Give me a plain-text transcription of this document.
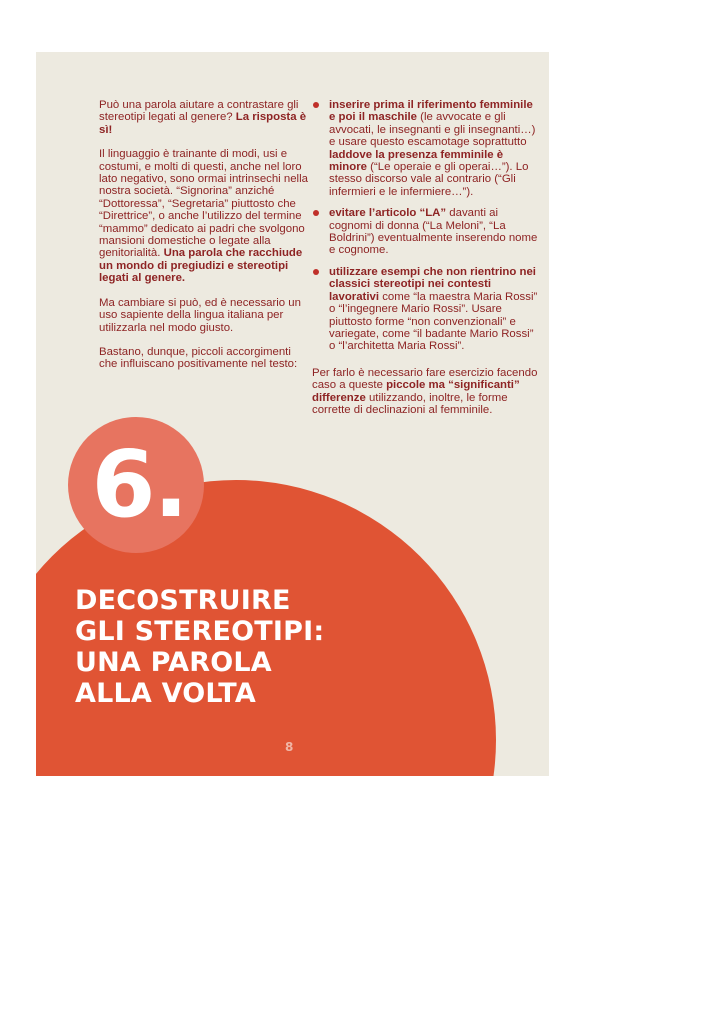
6.

Può una parola aiutare a contrastare gli stereotipi legati al genere? La risposta è sì!

Il linguaggio è trainante di modi, usi e costumi, e molti di questi, anche nel loro lato negativo, sono ormai intrinsechi nella nostra società. “Signorina” anziché “Dottoressa”, “Segretaria” piuttosto che “Direttrice”, o anche l’utilizzo del termine “mammo” dedicato ai padri che svolgono mansioni domestiche o legate alla genitorialità. Una parola che racchiude un mondo di pregiudizi e stereotipi legati al genere.

Ma cambiare si può, ed è necessario un uso sapiente della lingua italiana per utilizzarla nel modo giusto.

Bastano, dunque, piccoli accorgimenti che influiscano positivamente nel testo:

inserire prima il riferimento femminile e poi il maschile (le avvocate e gli avvocati, le insegnanti e gli insegnanti…) e usare questo escamotage soprattutto laddove la presenza femminile è minore (“Le operaie e gli operai…”). Lo stesso discorso vale al contrario (“Gli infermieri e le infermiere…”).
evitare l’articolo “LA” davanti ai cognomi di donna (“La Meloni”, “La Boldrini”) eventualmente inserendo nome e cognome.
utilizzare esempi che non rientrino nei classici stereotipi nei contesti lavorativi come “la maestra Maria Rossi” o “l’ingegnere Mario Rossi”. Usare piuttosto forme “non convenzionali” e variegate, come “il badante Mario Rossi” o “l’architetta Maria Rossi”.

Per farlo è necessario fare esercizio facendo caso a queste piccole ma “significanti” differenze utilizzando, inoltre, le forme corrette di declinazioni al femminile.

DECOSTRUIRE
GLI STEREOTIPI:
UNA PAROLA
ALLA VOLTA
8
